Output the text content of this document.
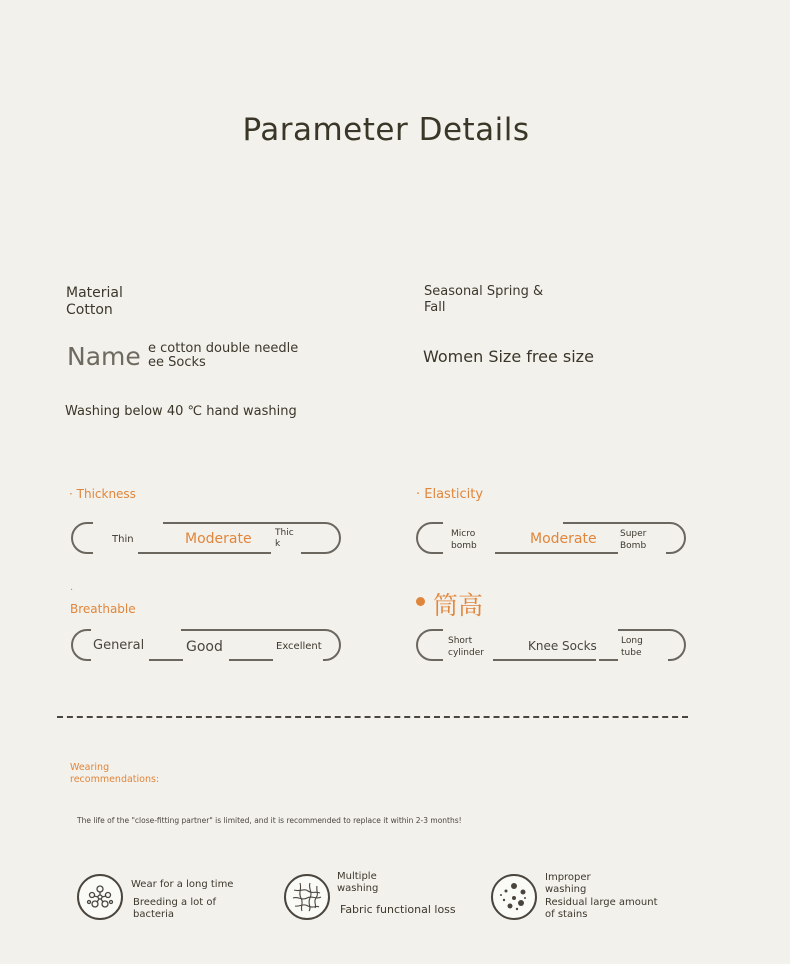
Parameter Details
Material
Cotton
Seasonal Spring &
Fall
Name e cotton double needle
ee Socks	Women Size free size
Washing below 40 ℃ hand washing
· Thickness
Thin	Moderate	Thic
k
· Elasticity
Micro
bomb	Moderate	Super
Bomb
·
Breathable
General	Good	Excellent
筒高
Short
cylinder	Knee Socks	Long
tube
Wearing
recommendations:
The life of the "close-fitting partner" is limited, and it is recommended to replace it within 2-3 months!
Wear for a long time
Breeding a lot of
bacteria
Multiple
washing
Fabric functional loss
Improper
washing
Residual large amount
of stains
